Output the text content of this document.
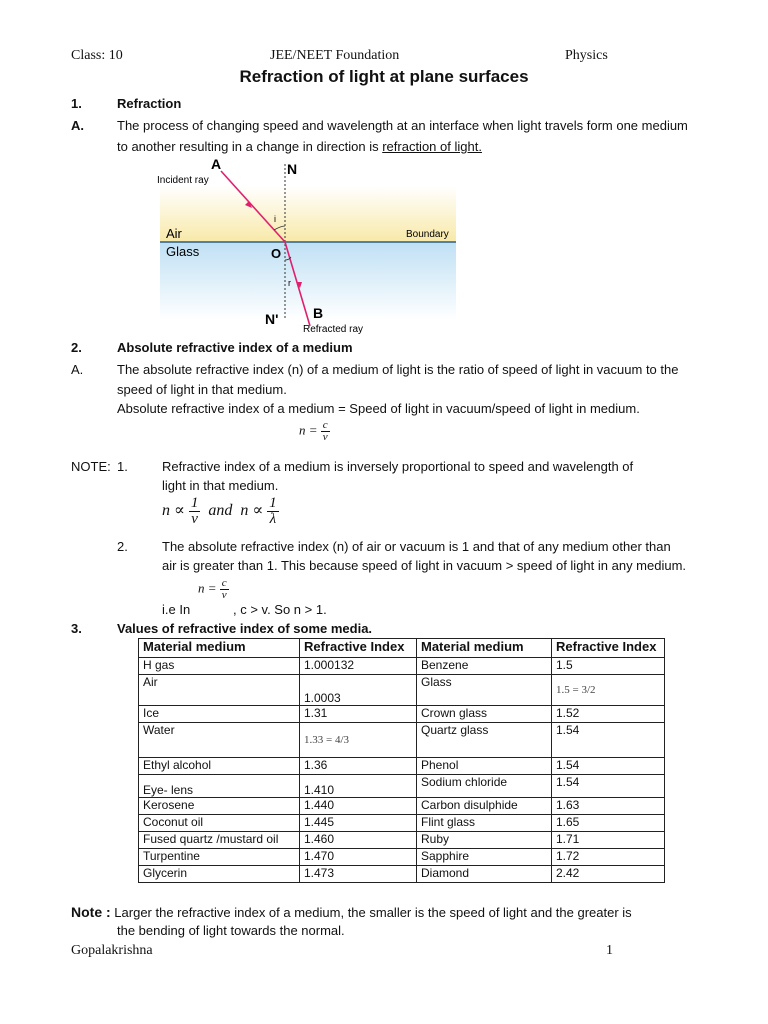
Class: 10	JEE/NEET Foundation	Physics
Refraction of light at plane surfaces
1.	Refraction
A.	The process of changing speed and wavelength at an interface when light travels form one medium
to another resulting in a change in direction is refraction of light.
A	N
Incident ray
i
Air	Boundary
Glass	O
r
N' B
Refracted ray
2.	Absolute refractive index of a medium
A.	The absolute refractive index (n) of a medium of light is the ratio of speed of light in vacuum to the
speed of light in that medium.
Absolute refractive index of a medium = Speed of light in vacuum/speed of light in medium.
$n = \frac{c}{v}$
NOTE: 1.	Refractive index of a medium is inversely proportional to speed and wavelength of
light in that medium.
$n \propto \frac{1}{v}$ and $n \propto \frac{1}{\lambda}$
2.	The absolute refractive index (n) of air or vacuum is 1 and that of any medium other than
air is greater than 1. This because speed of light in vacuum > speed of light in any medium.
$n = \frac{c}{v}$
i.e In	, c > v. So n > 1.
3.	Values of refractive index of some media.
Material medium	Refractive Index	Material medium	Refractive Index
H gas	1.000132	Benzene	1.5
Air	1.0003	Glass	1.5 = 3/2
Ice	1.31	Crown glass	1.52
Water	1.33 = 4/3	Quartz glass	1.54
Ethyl alcohol	1.36	Phenol	1.54
Eye- lens	1.410	Sodium chloride	1.54
Kerosene	1.440	Carbon disulphide	1.63
Coconut oil	1.445	Flint glass	1.65
Fused quartz /mustard oil	1.460	Ruby	1.71
Turpentine	1.470	Sapphire	1.72
Glycerin	1.473	Diamond	2.42
Note : Larger the refractive index of a medium, the smaller is the speed of light and the greater is
the bending of light towards the normal.
Gopalakrishna	1
